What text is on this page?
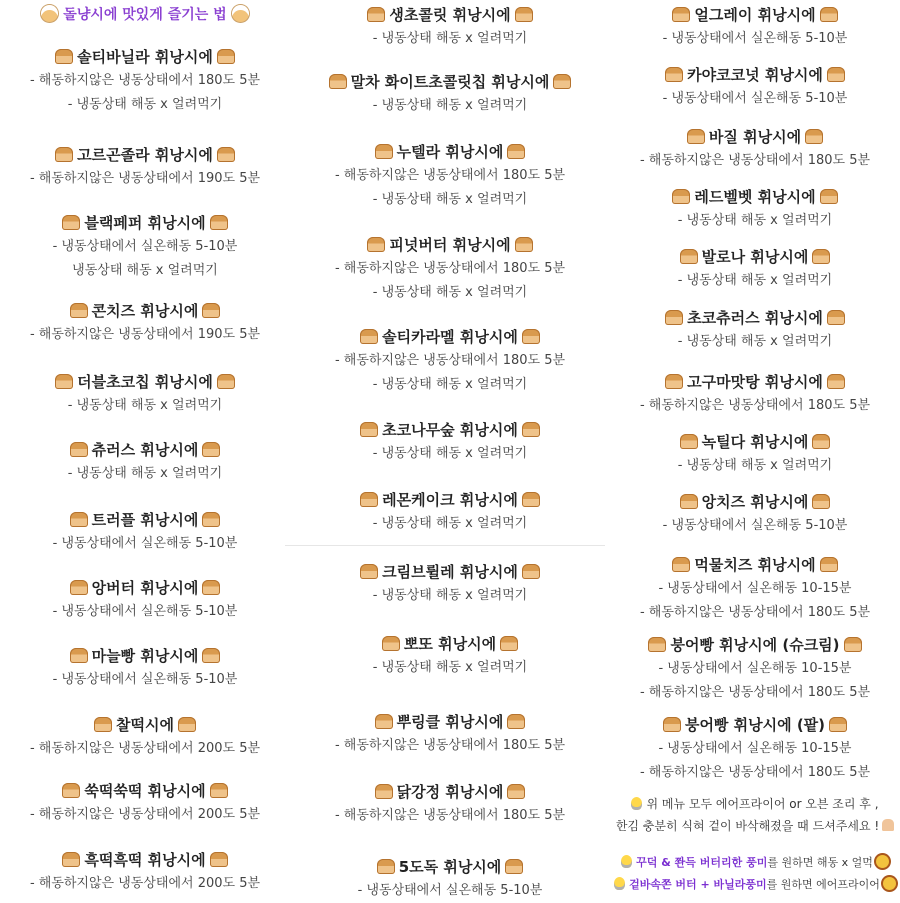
돌냥시에 맛있게 즐기는 법
솔티바닐라 휘낭시에
- 해동하지않은 냉동상태에서 180도 5분
- 냉동상태 해동 x 얼려먹기
고르곤졸라 휘낭시에
- 해동하지않은 냉동상태에서 190도 5분
블랙페퍼 휘낭시에
- 냉동상태에서 실온해동 5-10분
냉동상태 해동 x 얼려먹기
콘치즈 휘낭시에
- 해동하지않은 냉동상태에서 190도 5분
더블초코칩 휘낭시에
- 냉동상태 해동 x 얼려먹기
츄러스 휘낭시에
- 냉동상태 해동 x 얼려먹기
트러플 휘낭시에
- 냉동상태에서 실온해동 5-10분
앙버터 휘낭시에
- 냉동상태에서 실온해동 5-10분
마늘빵 휘낭시에
- 냉동상태에서 실온해동 5-10분
찰떡시에
- 해동하지않은 냉동상태에서 200도 5분
쑥떡쑥떡 휘낭시에
- 해동하지않은 냉동상태에서 200도 5분
흑떡흑떡 휘낭시에
- 해동하지않은 냉동상태에서 200도 5분
생초콜릿 휘낭시에
- 냉동상태 해동 x 얼려먹기
말차 화이트초콜릿칩 휘낭시에
- 냉동상태 해동 x 얼려먹기
누텔라 휘낭시에
- 해동하지않은 냉동상태에서 180도 5분
- 냉동상태 해동 x 얼려먹기
피넛버터 휘낭시에
- 해동하지않은 냉동상태에서 180도 5분
- 냉동상태 해동 x 얼려먹기
솔티카라멜 휘낭시에
- 해동하지않은 냉동상태에서 180도 5분
- 냉동상태 해동 x 얼려먹기
초코나무숲 휘낭시에
- 냉동상태 해동 x 얼려먹기
레몬케이크 휘낭시에
- 냉동상태 해동 x 얼려먹기
크림브륄레 휘낭시에
- 냉동상태 해동 x 얼려먹기
뽀또 휘낭시에
- 냉동상태 해동 x 얼려먹기
뿌링클 휘낭시에
- 해동하지않은 냉동상태에서 180도 5분
닭강정 휘낭시에
- 해동하지않은 냉동상태에서 180도 5분
5도독 휘낭시에
- 냉동상태에서 실온해동 5-10분
얼그레이 휘낭시에
- 냉동상태에서 실온해동 5-10분
카야코코넛 휘낭시에
- 냉동상태에서 실온해동 5-10분
바질 휘낭시에
- 해동하지않은 냉동상태에서 180도 5분
레드벨벳 휘낭시에
- 냉동상태 해동 x 얼려먹기
발로나 휘낭시에
- 냉동상태 해동 x 얼려먹기
초코츄러스 휘낭시에
- 냉동상태 해동 x 얼려먹기
고구마맛탕 휘낭시에
- 해동하지않은 냉동상태에서 180도 5분
녹틸다 휘낭시에
- 냉동상태 해동 x 얼려먹기
앙치즈 휘낭시에
- 냉동상태에서 실온해동 5-10분
먹물치즈 휘낭시에
- 냉동상태에서 실온해동 10-15분
- 해동하지않은 냉동상태에서 180도 5분
붕어빵 휘낭시에 (슈크림)
- 냉동상태에서 실온해동 10-15분
- 해동하지않은 냉동상태에서 180도 5분
붕어빵 휘낭시에 (팥)
- 냉동상태에서 실온해동 10-15분
- 해동하지않은 냉동상태에서 180도 5분
위 메뉴 모두 에어프라이어 or 오븐 조리 후 ,
한김 충분히 식혀 겉이 바삭해졌을 때 드셔주세요 !
꾸덕 & 쫜득 버터리한 풍미를 원하면 해동 x 얼먹
겉바속쫀 버터 + 바닐라풍미를 원하면 에어프라이어
